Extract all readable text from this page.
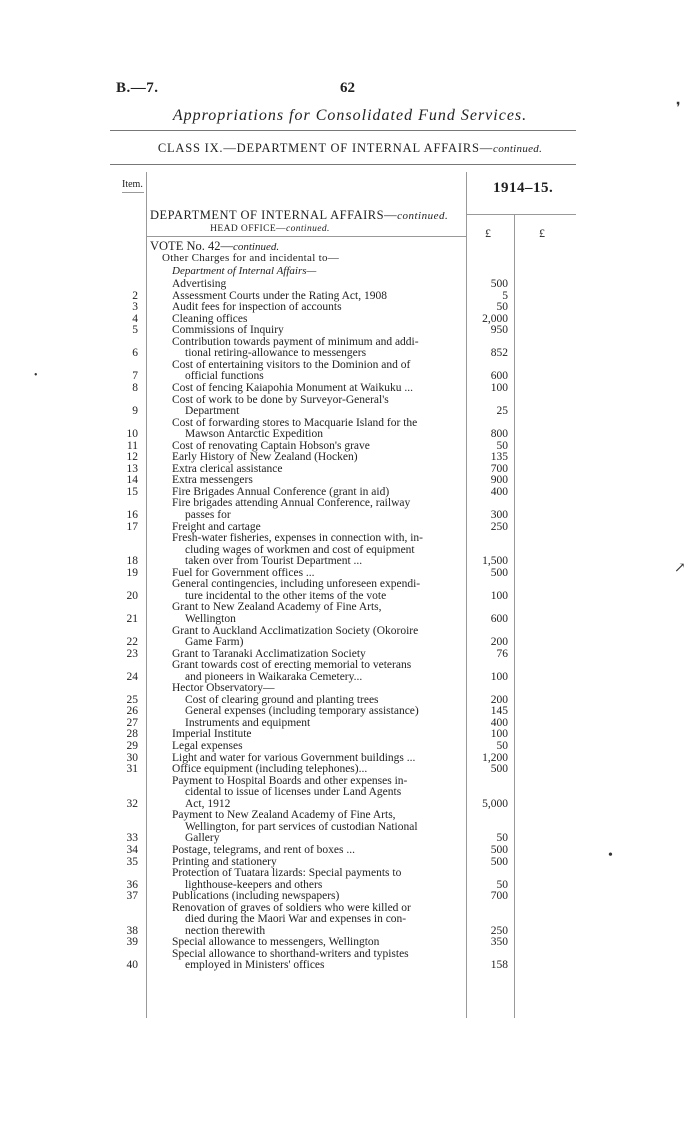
B.—7.	62
Appropriations for Consolidated Fund Services.
CLASS IX.—DEPARTMENT OF INTERNAL AFFAIRS—continued.
Item.	1914–15.
DEPARTMENT OF INTERNAL AFFAIRS—continued.
HEAD OFFICE—continued.	£	£
VOTE No. 42—continued.
Other Charges for and incidental to—
Department of Internal Affairs—
Advertising	500
2	Assessment Courts under the Rating Act, 1908	5
3	Audit fees for inspection of accounts	50
4	Cleaning offices	2,000
5	Commissions of Inquiry	950
6
Contribution towards payment of minimum and addi-
tional retiring-allowance to messengers	852
7
Cost of entertaining visitors to the Dominion and of
official functions	600
8	Cost of fencing Kaiapohia Monument at Waikuku ...	100
9
Cost of work to be done by Surveyor-General's
Department	25
10
Cost of forwarding stores to Macquarie Island for the
Mawson Antarctic Expedition	800
11	Cost of renovating Captain Hobson's grave	50
12	Early History of New Zealand (Hocken)	135
13	Extra clerical assistance	700
14	Extra messengers	900
15	Fire Brigades Annual Conference (grant in aid)	400
16
Fire brigades attending Annual Conference, railway
passes for	300
17	Freight and cartage	250
18
Fresh-water fisheries, expenses in connection with, in-
cluding wages of workmen and cost of equipment
taken over from Tourist Department ...	1,500
19	Fuel for Government offices ...	500
20
General contingencies, including unforeseen expendi-
ture incidental to the other items of the vote	100
21
Grant to New Zealand Academy of Fine Arts,
Wellington	600
22
Grant to Auckland Acclimatization Society (Okoroire
Game Farm)	200
23	Grant to Taranaki Acclimatization Society	76
24
Grant towards cost of erecting memorial to veterans
and pioneers in Waikaraka Cemetery...	100
Hector Observatory—
25	Cost of clearing ground and planting trees	200
26	General expenses (including temporary assistance)	145
27	Instruments and equipment	400
28	Imperial Institute	100
29	Legal expenses	50
30	Light and water for various Government buildings ...	1,200
31	Office equipment (including telephones)...	500
32
Payment to Hospital Boards and other expenses in-
cidental to issue of licenses under Land Agents
Act, 1912	5,000
33
Payment to New Zealand Academy of Fine Arts,
Wellington, for part services of custodian National
Gallery	50
34	Postage, telegrams, and rent of boxes ...	500
35	Printing and stationery	500
36
Protection of Tuatara lizards: Special payments to
lighthouse-keepers and others	50
37	Publications (including newspapers)	700
38
Renovation of graves of soldiers who were killed or
died during the Maori War and expenses in con-
nection therewith	250
39	Special allowance to messengers, Wellington	350
40
Special allowance to shorthand-writers and typistes
employed in Ministers' offices	158
❜
↗
•
•
